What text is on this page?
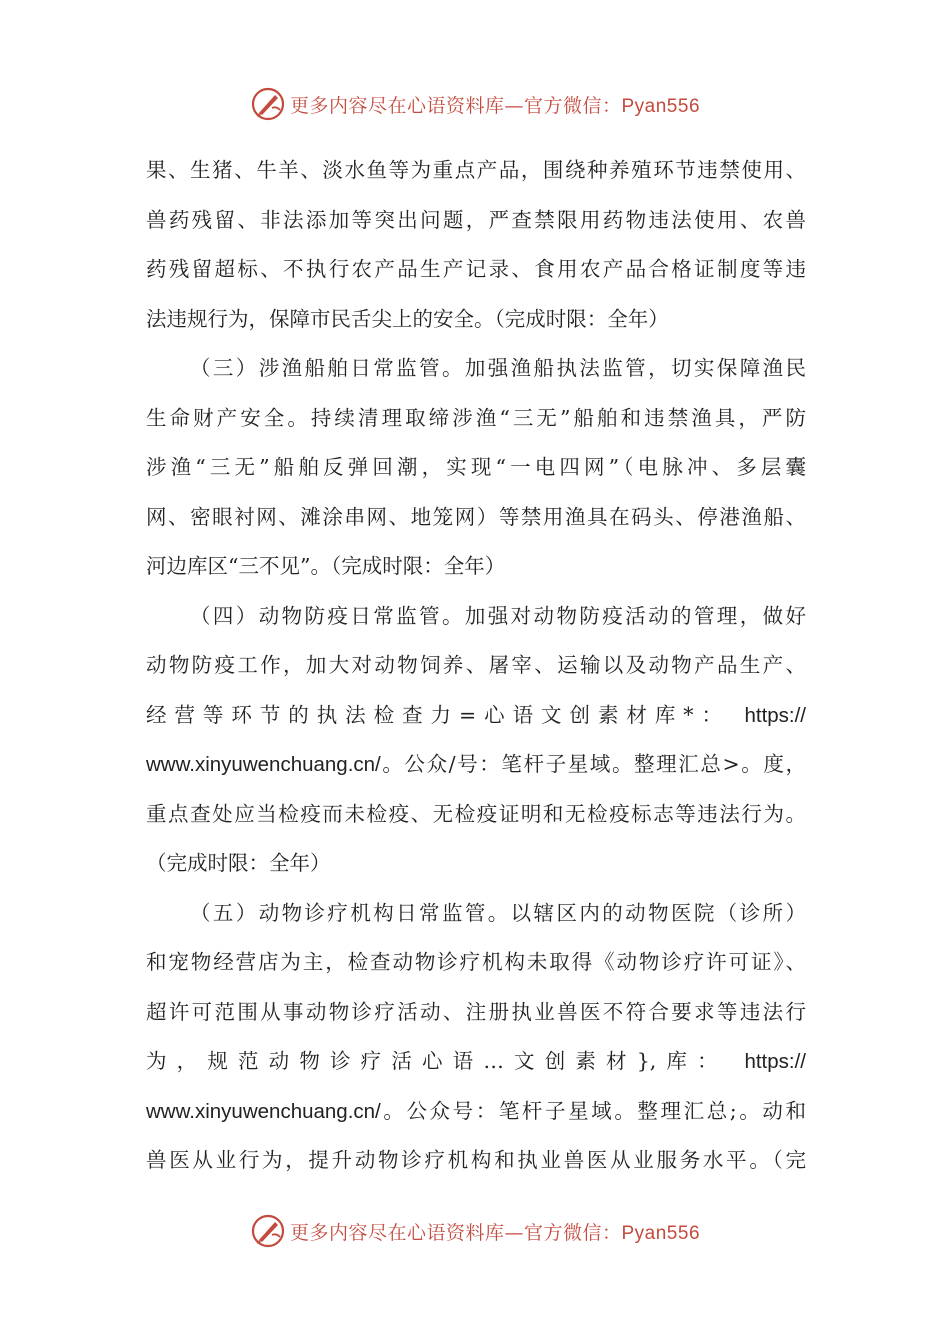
更多内容尽在心语资料库—官方微信：Pyan556
果、生猪、牛羊、淡水鱼等为重点产品，围绕种养殖环节违禁使用、
兽药残留、非法添加等突出问题，严查禁限用药物违法使用、农兽
药残留超标、不执行农产品生产记录、食用农产品合格证制度等违
法违规行为，保障市民舌尖上的安全。（完成时限：全年）
（三）涉渔船舶日常监管。加强渔船执法监管，切实保障渔民
生命财产安全。持续清理取缔涉渔“三无”船舶和违禁渔具，严防
涉渔“三无”船舶反弹回潮，实现“一电四网”（电脉冲、多层囊
网、密眼衬网、滩涂串网、地笼网）等禁用渔具在码头、停港渔船、
河边库区“三不见”。（完成时限：全年）
（四）动物防疫日常监管。加强对动物防疫活动的管理，做好
动物防疫工作，加大对动物饲养、屠宰、运输以及动物产品生产、
经营等环节的执法检查力=心语文创素材库*： https://
www.xinyuwenchuang.cn/。公众/号：笔杆子星域。整理汇总>。度，
重点查处应当检疫而未检疫、无检疫证明和无检疫标志等违法行为。
（完成时限：全年）
（五）动物诊疗机构日常监管。以辖区内的动物医院（诊所）
和宠物经营店为主，检查动物诊疗机构未取得《动物诊疗许可证》、
超许可范围从事动物诊疗活动、注册执业兽医不符合要求等违法行
为，规范动物诊疗活心语…文创素材},库： https://
www.xinyuwenchuang.cn/。公众号：笔杆子星域。整理汇总;。动和
兽医从业行为，提升动物诊疗机构和执业兽医从业服务水平。（完
更多内容尽在心语资料库—官方微信：Pyan556
